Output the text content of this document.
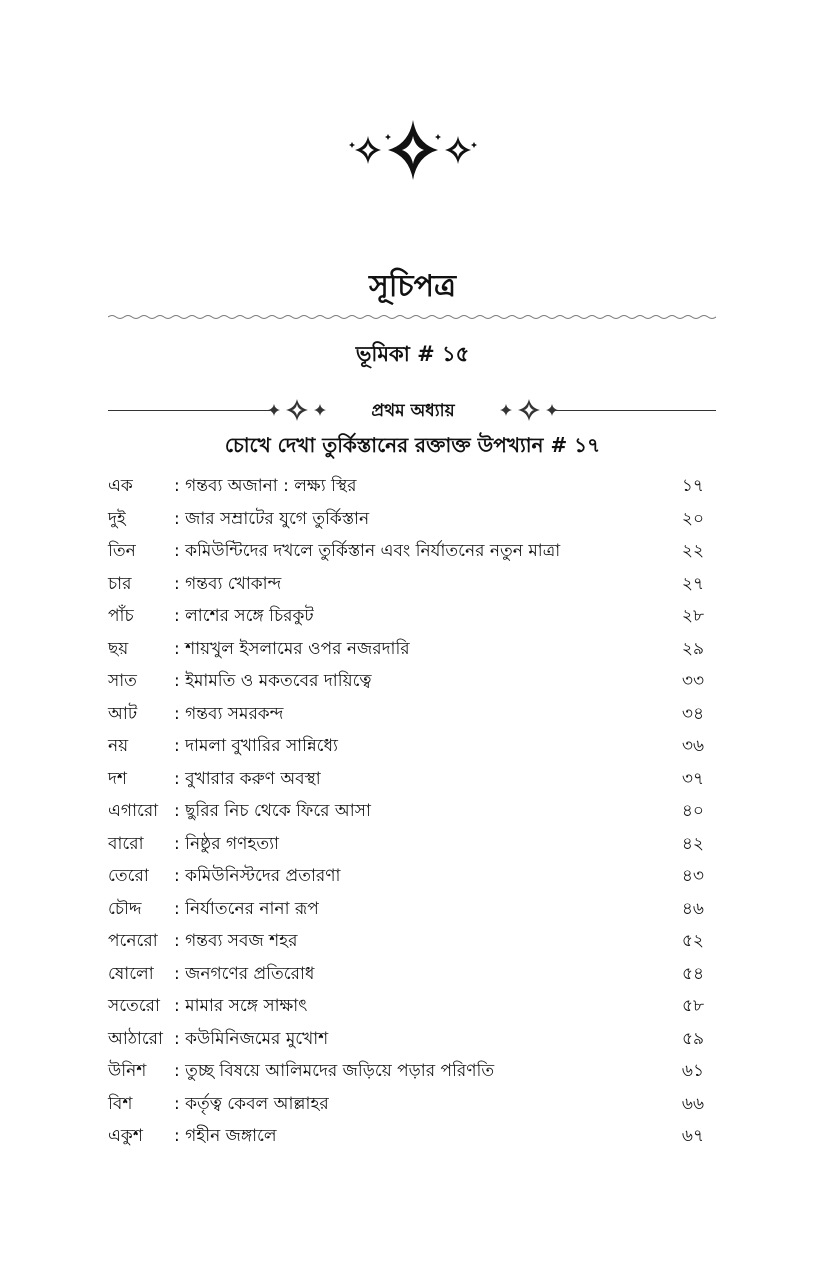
সূচিপত্র
ভূমিকা # ১৫
প্রথম অধ্যায়
চোখে দেখা তুর্কিস্তানের রক্তাক্ত উপখ্যান # ১৭
এক	: গন্তব্য অজানা : লক্ষ্য স্থির	১৭
দুই	: জার সম্রাটের যুগে তুর্কিস্তান	২০
তিন	: কমিউন্টিদের দখলে তুর্কিস্তান এবং নির্যাতনের নতুন মাত্রা	২২
চার	: গন্তব্য খোকান্দ	২৭
পাঁচ	: লাশের সঙ্গে চিরকুট	২৮
ছয়	: শায়খুল ইসলামের ওপর নজরদারি	২৯
সাত	: ইমামতি ও মকতবের দায়িত্বে	৩৩
আট	: গন্তব্য সমরকন্দ	৩৪
নয়	: দামলা বুখারির সান্নিধ্যে	৩৬
দশ	: বুখারার করুণ অবস্থা	৩৭
এগারো : ছুরির নিচ থেকে ফিরে আসা	৪০
বারো	: নিষ্ঠুর গণহত্যা	৪২
তেরো	: কমিউনিস্টদের প্রতারণা	৪৩
চৌদ্দ	: নির্যাতনের নানা রূপ	৪৬
পনেরো : গন্তব্য সবজ শহর	৫২
ষোলো	: জনগণের প্রতিরোধ	৫৪
সতেরো : মামার সঙ্গে সাক্ষাৎ	৫৮
আঠারো : কউমিনিজমের মুখোশ	৫৯
উনিশ	: তুচ্ছ বিষয়ে আলিমদের জড়িয়ে পড়ার পরিণতি	৬১
বিশ	: কর্তৃত্ব কেবল আল্লাহর	৬৬
একুশ	: গহীন জঙ্গালে	৬৭
